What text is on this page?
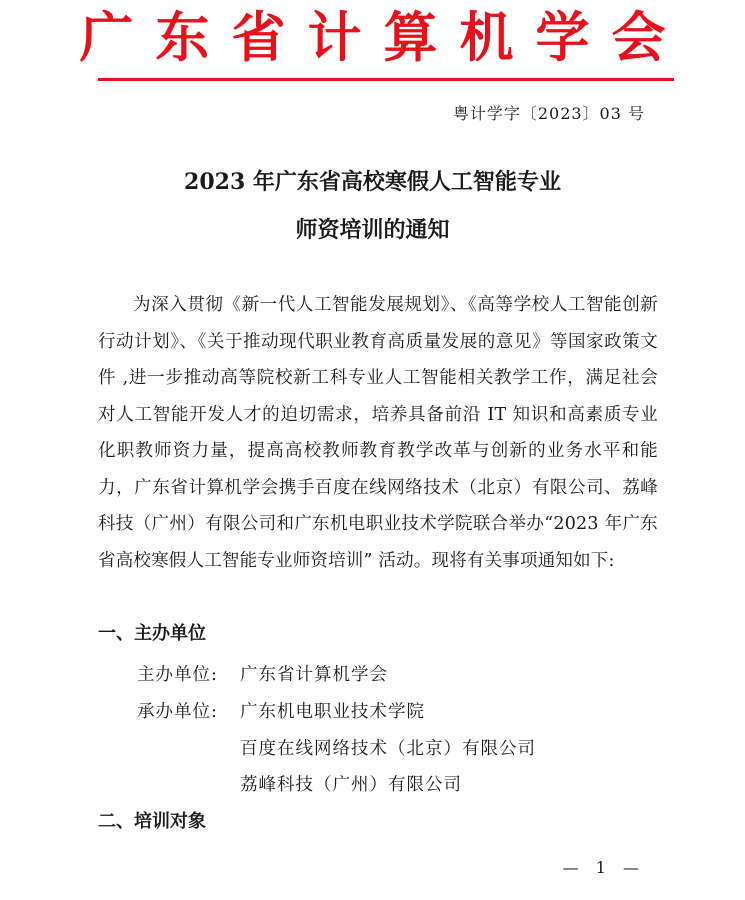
广东省计算机学会
粤计学字〔2023〕03 号
2023 年广东省高校寒假人工智能专业
师资培训的通知
为深入贯彻《新一代人工智能发展规划》、《高等学校人工智能创新行动计划》、《关于推动现代职业教育高质量发展的意见》等国家政策文件 ,进一步推动高等院校新工科专业人工智能相关教学工作，满足社会对人工智能开发人才的迫切需求，培养具备前沿 IT 知识和高素质专业化职教师资力量，提高高校教师教育教学改革与创新的业务水平和能力，广东省计算机学会携手百度在线网络技术（北京）有限公司、荔峰科技（广州）有限公司和广东机电职业技术学院联合举办“2023 年广东省高校寒假人工智能专业师资培训” 活动。现将有关事项通知如下:
一、主办单位
主办单位: 广东省计算机学会
承办单位: 广东机电职业技术学院
百度在线网络技术（北京）有限公司
荔峰科技（广州）有限公司
二、培训对象
— 1 —
